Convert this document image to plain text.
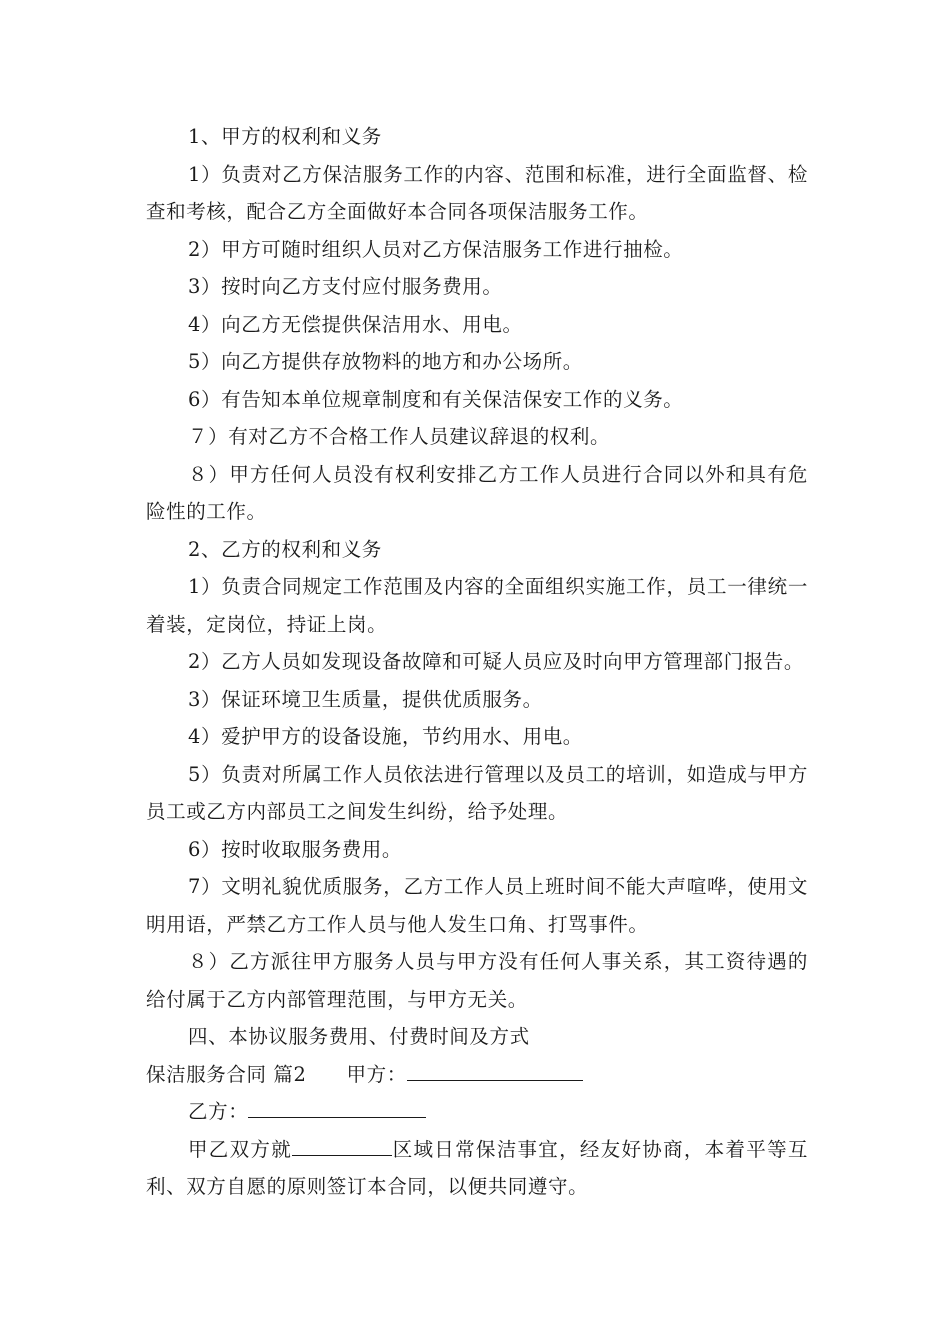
1、甲方的权利和义务

1）负责对乙方保洁服务工作的内容、范围和标准，进行全面监督、检查和考核，配合乙方全面做好本合同各项保洁服务工作。

2）甲方可随时组织人员对乙方保洁服务工作进行抽检。

3）按时向乙方支付应付服务费用。

4）向乙方无偿提供保洁用水、用电。

5）向乙方提供存放物料的地方和办公场所。

6）有告知本单位规章制度和有关保洁保安工作的义务。

７）有对乙方不合格工作人员建议辞退的权利。

８）甲方任何人员没有权利安排乙方工作人员进行合同以外和具有危险性的工作。

2、乙方的权利和义务

1）负责合同规定工作范围及内容的全面组织实施工作，员工一律统一着装，定岗位，持证上岗。

2）乙方人员如发现设备故障和可疑人员应及时向甲方管理部门报告。

3）保证环境卫生质量，提供优质服务。

4）爱护甲方的设备设施，节约用水、用电。

5）负责对所属工作人员依法进行管理以及员工的培训，如造成与甲方员工或乙方内部员工之间发生纠纷，给予处理。

6）按时收取服务费用。

7）文明礼貌优质服务，乙方工作人员上班时间不能大声喧哗，使用文明用语，严禁乙方工作人员与他人发生口角、打骂事件。

８）乙方派往甲方服务人员与甲方没有任何人事关系，其工资待遇的给付属于乙方内部管理范围，与甲方无关。

四、本协议服务费用、付费时间及方式

保洁服务合同 篇2 甲方：

乙方：

甲乙双方就	区域日常保洁事宜，经友好协商，本着平等互利、双方自愿的原则签订本合同，以便共同遵守。
